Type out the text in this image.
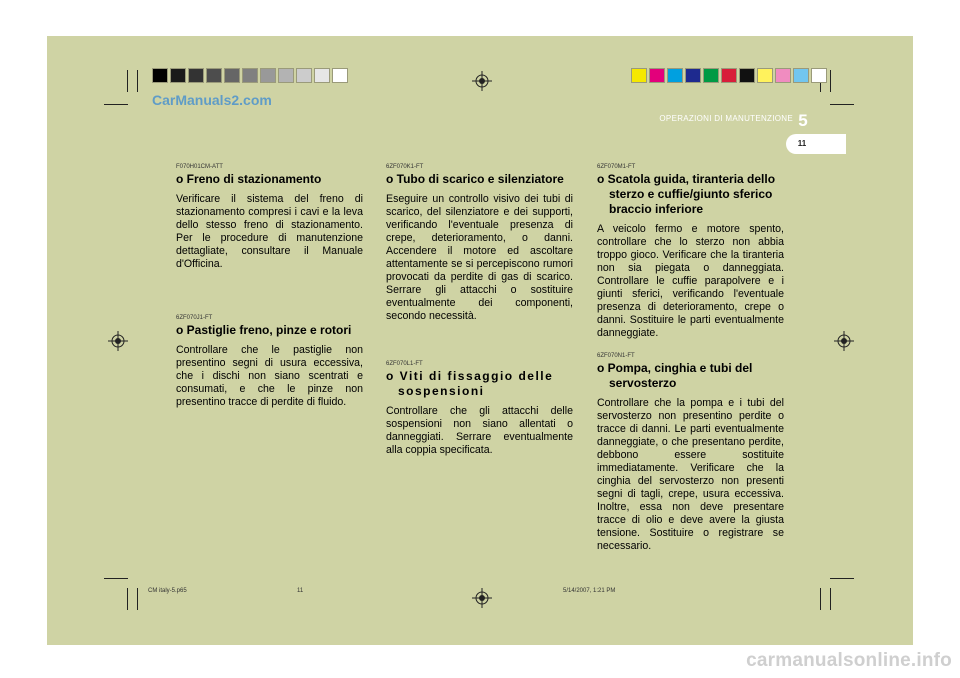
CarManuals2.com
OPERAZIONI DI MANUTENZIONE 5
11

F070H01CM-ATT

o Freno di stazionamento

Verificare il sistema del freno di stazionamento compresi i cavi e la leva dello stesso freno di stazionamento. Per le procedure di manutenzione dettagliate, consultare il Manuale d'Officina.

6ZF070J1-FT

o Pastiglie freno, pinze e rotori

Controllare che le pastiglie non presentino segni di usura eccessiva, che i dischi non siano scentrati e consumati, e che le pinze non presentino tracce di perdite di fluido.

6ZF070K1-FT

o Tubo di scarico e silenziatore

Eseguire un controllo visivo dei tubi di scarico, del silenziatore e dei supporti, verificando l'eventuale presenza di crepe, deterioramento, o danni. Accendere il motore ed ascoltare attentamente se si percepiscono rumori provocati da perdite di gas di scarico. Serrare gli attacchi o sostituire eventualmente dei componenti, secondo necessità.

6ZF070L1-FT

o Viti di fissaggio delle sospensioni

Controllare che gli attacchi delle sospensioni non siano allentati o danneggiati. Serrare eventualmente alla coppia specificata.

6ZF070M1-FT

o Scatola guida, tiranteria dello sterzo e cuffie/giunto sferico braccio inferiore

A veicolo fermo e motore spento, controllare che lo sterzo non abbia troppo gioco. Verificare che la tiranteria non sia piegata o danneggiata. Controllare le cuffie parapolvere e i giunti sferici, verificando l'eventuale presenza di deterioramento, crepe o danni. Sostituire le parti eventualmente danneggiate.

6ZF070N1-FT

o Pompa, cinghia e tubi del servosterzo

Controllare che la pompa e i tubi del servosterzo non presentino perdite o tracce di danni. Le parti eventualmente danneggiate, o che presentano perdite, debbono essere sostituite immediatamente. Verificare che la cinghia del servosterzo non presenti segni di tagli, crepe, usura eccessiva. Inoltre, essa non deve presentare tracce di olio e deve avere la giusta tensione. Sostituire o registrare se necessario.

CM italy-5.p65	11	5/14/2007, 1:21 PM
carmanualsonline.info
